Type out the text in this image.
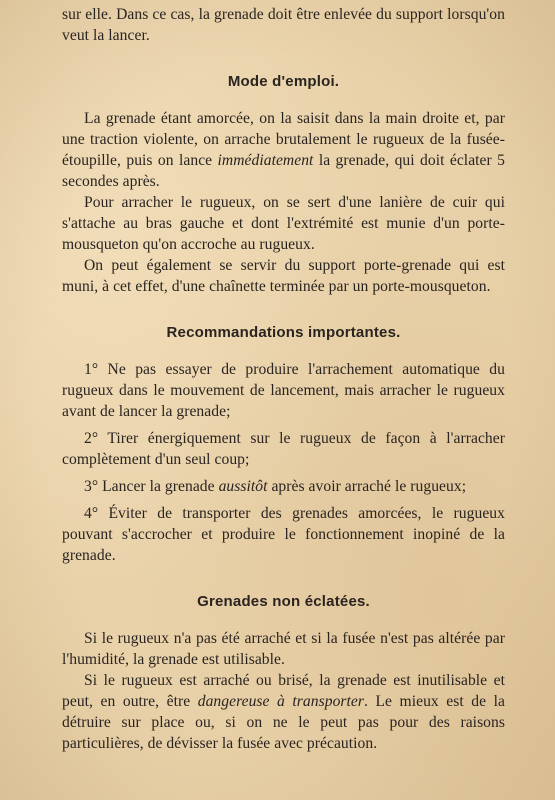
sur elle. Dans ce cas, la grenade doit être enlevée du support lorsqu'on veut la lancer.

Mode d'emploi.

La grenade étant amorcée, on la saisit dans la main droite et, par une traction violente, on arrache brutalement le rugueux de la fusée-étoupille, puis on lance immédiatement la grenade, qui doit éclater 5 secondes après.

Pour arracher le rugueux, on se sert d'une lanière de cuir qui s'attache au bras gauche et dont l'extrémité est munie d'un porte-mousqueton qu'on accroche au rugueux.

On peut également se servir du support porte-grenade qui est muni, à cet effet, d'une chaînette terminée par un porte-mousqueton.

Recommandations importantes.

1° Ne pas essayer de produire l'arrachement automatique du rugueux dans le mouvement de lancement, mais arracher le rugueux avant de lancer la grenade;

2° Tirer énergiquement sur le rugueux de façon à l'arracher complètement d'un seul coup;

3° Lancer la grenade aussitôt après avoir arraché le rugueux;

4° Éviter de transporter des grenades amorcées, le rugueux pouvant s'accrocher et produire le fonctionnement inopiné de la grenade.

Grenades non éclatées.

Si le rugueux n'a pas été arraché et si la fusée n'est pas altérée par l'humidité, la grenade est utilisable.

Si le rugueux est arraché ou brisé, la grenade est inutilisable et peut, en outre, être dangereuse à transporter. Le mieux est de la détruire sur place ou, si on ne le peut pas pour des raisons particulières, de dévisser la fusée avec précaution.
